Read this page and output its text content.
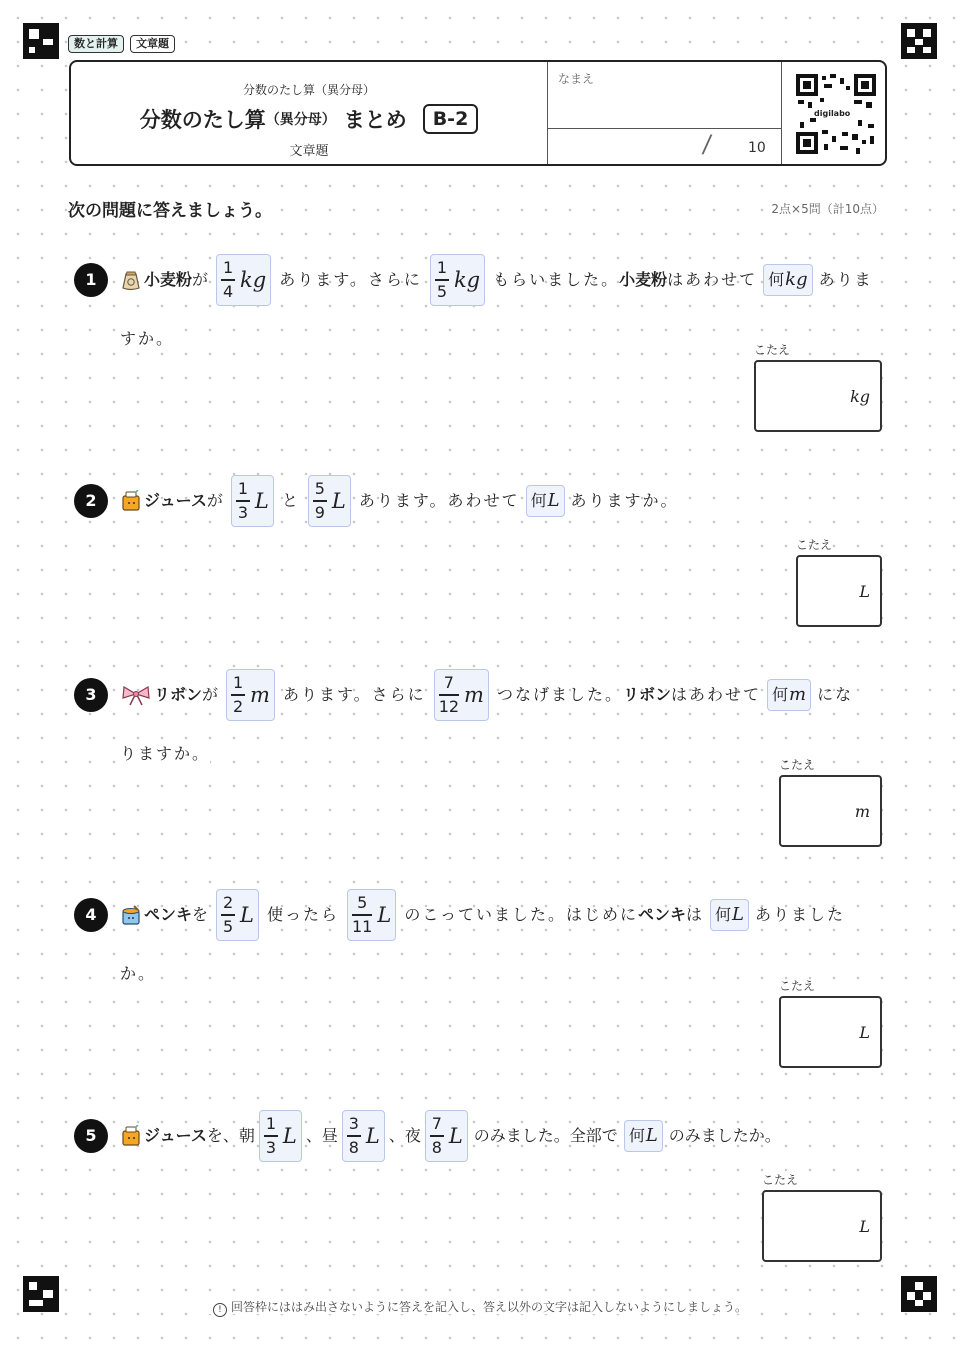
数と計算	文章題
分数のたし算（異分母）
分数のたし算 （異分母） まとめ	B-2
文章題
なまえ
/ 10
digilabo
次の問題に答えましょう。	2点×5問（計10点）
1	小麦粉 が $\frac{1}{4}$ kg あります。さらに $\frac{1}{5}$ kg もらいました。 小麦粉 はあわせて 何 kg ありま
すか。
こたえ
kg
2	ジュース が $\frac{1}{3}$ L と $\frac{5}{9}$ L あります。あわせて 何 L ありますか。
こたえ
L
3	リボン が $\frac{1}{2}$ m あります。さらに $\frac{7}{12}$ m つなげました。 リボン はあわせて 何 m にな
りますか。
こたえ
m
4	ペンキ を $\frac{2}{5}$ L 使ったら $\frac{5}{11}$ L のこっていました。はじめに ペンキ は 何 L ありました
か。
こたえ
L
5	ジュース を、朝 $\frac{1}{3}$ L 、昼 $\frac{3}{8}$ L 、夜 $\frac{7}{8}$ L のみました。全部で 何 L のみましたか。
こたえ
L
! 回答枠にははみ出さないように答えを記入し、答え以外の文字は記入しないようにしましょう。
